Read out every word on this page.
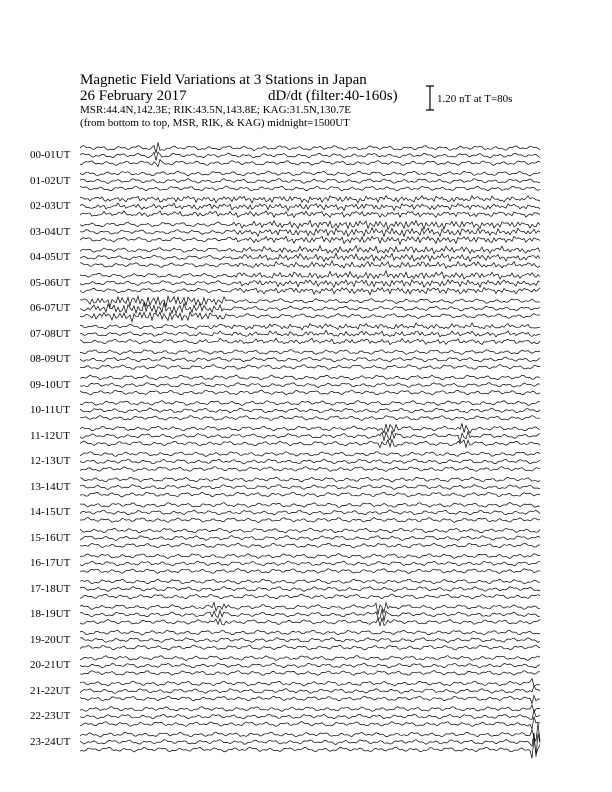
Magnetic Field Variations at 3 Stations in Japan
26 February 2017	dD/dt (filter:40-160s)
MSR:44.4N,142.3E; RIK:43.5N,143.8E; KAG:31.5N,130.7E
(from bottom to top, MSR, RIK, & KAG) midnight=1500UT
1.20 nT at T=80s
00-01UT
01-02UT
02-03UT
03-04UT
04-05UT
05-06UT
06-07UT
07-08UT
08-09UT
09-10UT
10-11UT
11-12UT
12-13UT
13-14UT
14-15UT
15-16UT
16-17UT
17-18UT
18-19UT
19-20UT
20-21UT
21-22UT
22-23UT
23-24UT
